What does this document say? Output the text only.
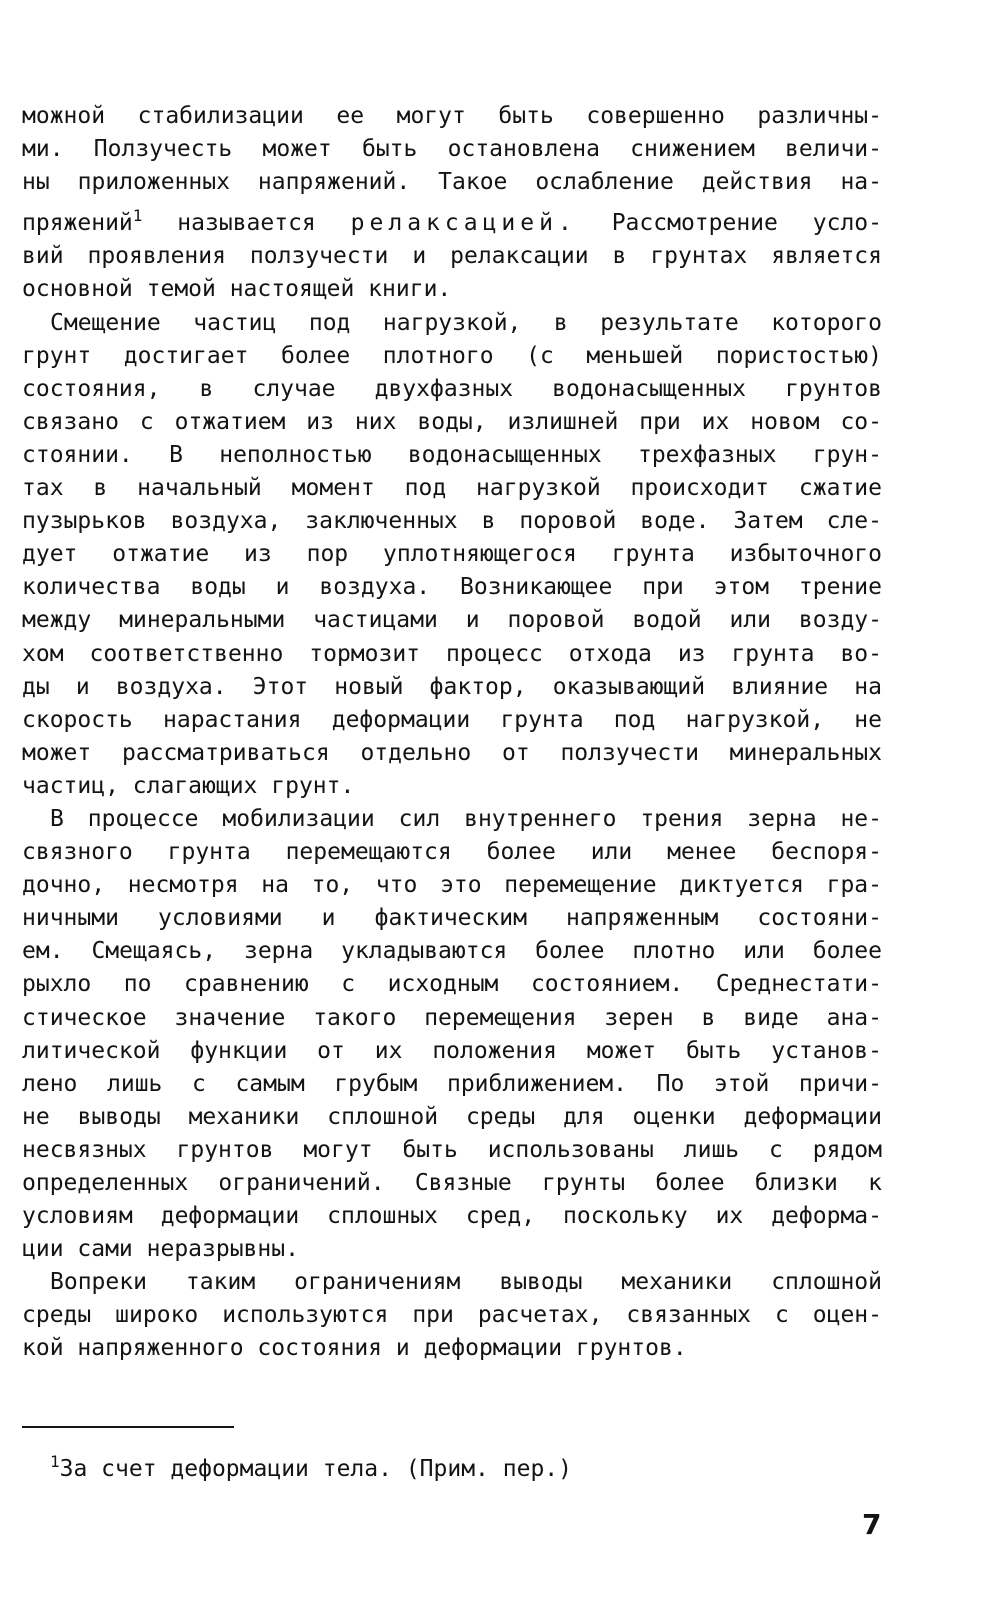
можной стабилизации ее могут быть совершенно различны-

ми. Ползучесть может быть остановлена снижением величи-

ны приложенных напряжений. Такое ослабление действия на-

пряжений$^1$ называется релаксацией. Рассмотрение усло-

вий проявления ползучести и релаксации в грунтах является

основной темой настоящей книги.

Смещение частиц под нагрузкой, в результате которого

грунт достигает более плотного (с меньшей пористостью)

состояния, в случае двухфазных водонасыщенных грунтов

связано с отжатием из них воды, излишней при их новом со-

стоянии. В неполностью водонасыщенных трехфазных грун-

тах в начальный момент под нагрузкой происходит сжатие

пузырьков воздуха, заключенных в поровой воде. Затем сле-

дует отжатие из пор уплотняющегося грунта избыточного

количества воды и воздуха. Возникающее при этом трение

между минеральными частицами и поровой водой или возду-

хом соответственно тормозит процесс отхода из грунта во-

ды и воздуха. Этот новый фактор, оказывающий влияние на

скорость нарастания деформации грунта под нагрузкой, не

может рассматриваться отдельно от ползучести минеральных

частиц, слагающих грунт.

В процессе мобилизации сил внутреннего трения зерна не-

связного грунта перемещаются более или менее беспоря-

дочно, несмотря на то, что это перемещение диктуется гра-

ничными условиями и фактическим напряженным состояни-

ем. Смещаясь, зерна укладываются более плотно или более

рыхло по сравнению с исходным состоянием. Среднестати-

стическое значение такого перемещения зерен в виде ана-

литической функции от их положения может быть установ-

лено лишь с самым грубым приближением. По этой причи-

не выводы механики сплошной среды для оценки деформации

несвязных грунтов могут быть использованы лишь с рядом

определенных ограничений. Связные грунты более близки к

условиям деформации сплошных сред, поскольку их деформа-

ции сами неразрывны.

Вопреки таким ограничениям выводы механики сплошной

среды широко используются при расчетах, связанных с оцен-

кой напряженного состояния и деформации грунтов.

$^1$За счет деформации тела. (Прим. пер.)
7
